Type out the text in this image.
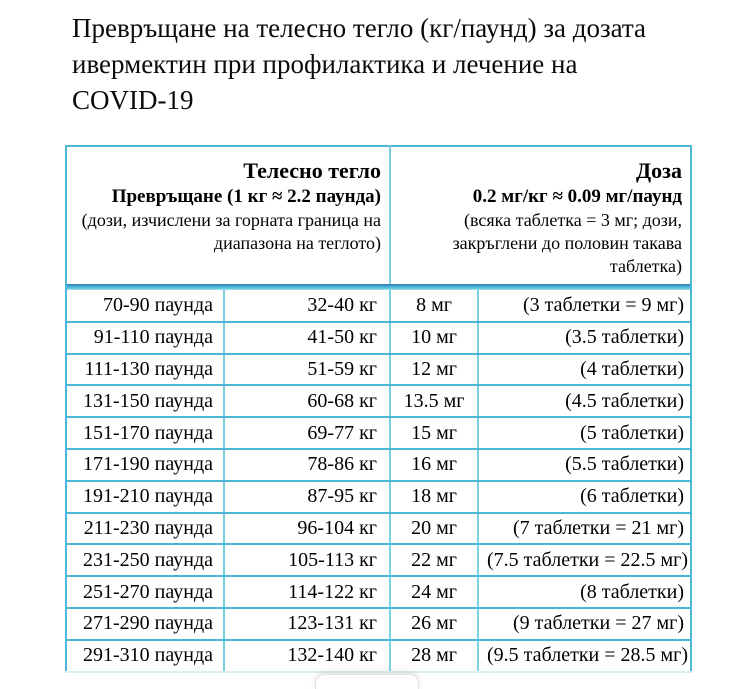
Превръщане на телесно тегло (кг/паунд) за дозата
ивермектин при профилактика и лечение на
COVID-19
Телесно тегло
Превръщане (1 кг ≈ 2.2 паунда)
(дози, изчислени за горната граница на диапазона на теглото)

Доза
0.2 мг/кг ≈ 0.09 мг/паунд
(всяка таблетка = 3 мг; дози, закръглени до половин такава таблетка)

70-90 паунда	32-40 кг	8 мг	(3 таблетки = 9 мг)
91-110 паунда	41-50 кг	10 мг	(3.5 таблетки)
111-130 паунда	51-59 кг	12 мг	(4 таблетки)
131-150 паунда	60-68 кг	13.5 мг	(4.5 таблетки)
151-170 паунда	69-77 кг	15 мг	(5 таблетки)
171-190 паунда	78-86 кг	16 мг	(5.5 таблетки)
191-210 паунда	87-95 кг	18 мг	(6 таблетки)
211-230 паунда	96-104 кг	20 мг	(7 таблетки = 21 мг)
231-250 паунда	105-113 кг	22 мг	(7.5 таблетки = 22.5 мг)
251-270 паунда	114-122 кг	24 мг	(8 таблетки)
271-290 паунда	123-131 кг	26 мг	(9 таблетки = 27 мг)
291-310 паунда	132-140 кг	28 мг	(9.5 таблетки = 28.5 мг)
